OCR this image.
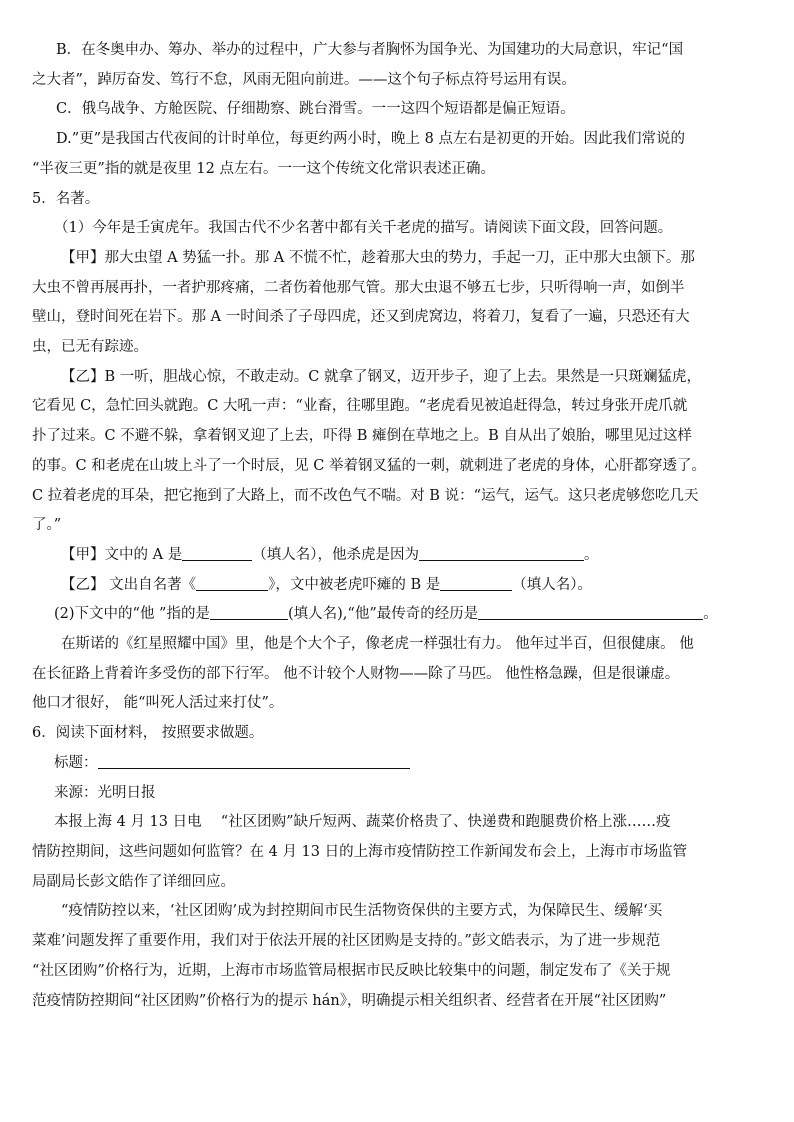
B．在冬奥申办、筹办、举办的过程中，广大参与者胸怀为国争光、为国建功的大局意识，牢记“国

之大者”，踔厉奋发、笃行不怠，风雨无阻向前进。——这个句子标点符号运用有误。

C．俄乌战争、方舱医院、仔细勘察、跳台滑雪。一一这四个短语都是偏正短语。

D.”更”是我国古代夜间的计时单位，每更约两小时，晚上 8 点左右是初更的开始。因此我们常说的

“半夜三更”指的就是夜里 12 点左右。一一这个传统文化常识表述正确。

5．名著。

（1）今年是壬寅虎年。我国古代不少名著中都有关千老虎的描写。请阅读下面文段，回答问题。

【甲】那大虫望 A 势猛一扑。那 A 不慌不忙，趁着那大虫的势力，手起一刀，正中那大虫颔下。那

大虫不曾再展再扑，一者护那疼痛，二者伤着他那气管。那大虫退不够五七步，只听得响一声，如倒半

壁山，登时间死在岩下。那 A 一时间杀了子母四虎，还又到虎窝边，将着刀，复看了一遍，只恐还有大

虫，已无有踪迹。

【乙】B 一听，胆战心惊，不敢走动。C 就拿了钢叉，迈开步子，迎了上去。果然是一只斑斓猛虎，

它看见 C，急忙回头就跑。C 大吼一声：“业畜，往哪里跑。“老虎看见被追赶得急，转过身张开虎爪就

扑了过来。C 不避不躲，拿着钢叉迎了上去，吓得 B 瘫倒在草地之上。B 自从出了娘胎，哪里见过这样

的事。C 和老虎在山坡上斗了一个时辰，见 C 举着钢叉猛的一刺，就刺进了老虎的身体，心肝都穿透了。

C 拉着老虎的耳朵，把它拖到了大路上，而不改色气不喘。对 B 说：“运气，运气。这只老虎够您吃几天

了。”

【甲】文中的 A 是	（填人名），他杀虎是因为	。

【乙】 文出自名著《	》，文中被老虎吓瘫的 B 是	（填人名）。

(2)下文中的“他 ”指的是	(填人名),“他”最传奇的经历是	。

在斯诺的《红星照耀中国》里，他是个大个子，像老虎一样强壮有力。 他年过半百，但很健康。 他

在长征路上背着许多受伤的部下行军。 他不计较个人财物——除了马匹。 他性格急躁，但是很谦虚。

他口才很好， 能“叫死人活过来打仗”。

6．阅读下面材料， 按照要求做题。

标题：

来源：光明日报

本报上海 4 月 13 日电　 “社区团购”缺斤短两、蔬菜价格贵了、快递费和跑腿费价格上涨……疫

情防控期间，这些问题如何监管？在 4 月 13 日的上海市疫情防控工作新闻发布会上，上海市市场监管

局副局长彭文皓作了详细回应。

“疫情防控以来，‘社区团购’成为封控期间市民生活物资保供的主要方式，为保障民生、缓解‘买

菜难’问题发挥了重要作用，我们对于依法开展的社区团购是支持的。”彭文皓表示，为了进一步规范

“社区团购”价格行为，近期，上海市市场监管局根据市民反映比较集中的问题，制定发布了《关于规

范疫情防控期间“社区团购”价格行为的提示 hán》，明确提示相关组织者、经营者在开展“社区团购”
